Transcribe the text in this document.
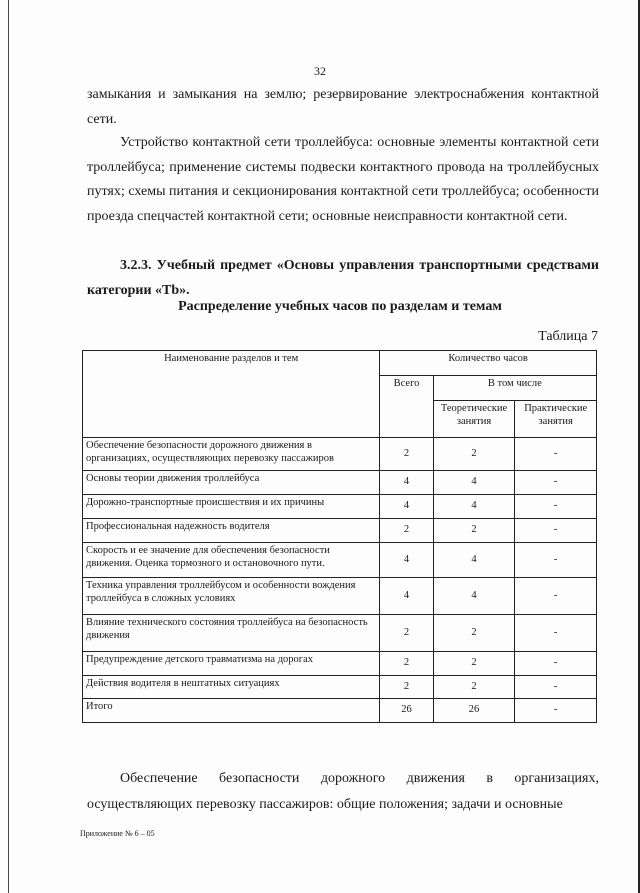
32

замыкания и замыкания на землю; резервирование электроснабжения контактной сети.

Устройство контактной сети троллейбуса: основные элементы контактной сети троллейбуса; применение системы подвески контактного провода на троллейбусных путях; схемы питания и секционирования контактной сети троллейбуса; особенности проезда спецчастей контактной сети; основные неисправности контактной сети.

3.2.3. Учебный предмет «Основы управления транспортными средствами категории «Tb».

Распределение учебных часов по разделам и темам
Таблица 7
Наименование разделов и тем	Количество часов		
	Всего	В том числе	
		Теоретические занятия	Практические занятия
Обеспечение безопасности дорожного движения в организациях, осуществляющих перевозку пассажиров	2	2	-
Основы теории движения троллейбуса	4	4	-
Дорожно-транспортные происшествия и их причины	4	4	-
Профессиональная надежность водителя	2	2	-
Скорость и ее значение для обеспечения безопасности движения. Оценка тормозного и остановочного пути.	4	4	-
Техника управления троллейбусом и особенности вождения троллейбуса в сложных условиях	4	4	-
Влияние технического состояния троллейбуса на безопасность движения	2	2	-
Предупреждение детского травматизма на дорогах	2	2	-
Действия водителя в нештатных ситуациях	2	2	-
Итого	26	26	-

Обеспечение безопасности дорожного движения в организациях, осуществляющих перевозку пассажиров: общие положения; задачи и основные

Приложение № 6 – 05
